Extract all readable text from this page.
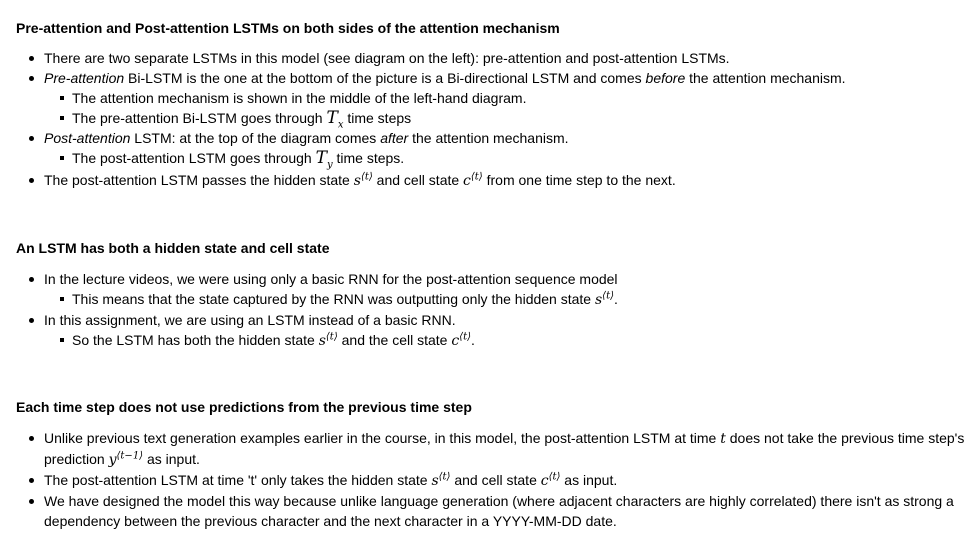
Pre-attention and Post-attention LSTMs on both sides of the attention mechanism
There are two separate LSTMs in this model (see diagram on the left): pre-attention and post-attention LSTMs.
Pre-attention Bi-LSTM is the one at the bottom of the picture is a Bi-directional LSTM and comes before the attention mechanism.
The attention mechanism is shown in the middle of the left-hand diagram.
The pre-attention Bi-LSTM goes through $T_x$ time steps
Post-attention LSTM: at the top of the diagram comes after the attention mechanism.
The post-attention LSTM goes through $T_y$ time steps.
The post-attention LSTM passes the hidden state $s^{⟨t⟩}$ and cell state $c^{⟨t⟩}$ from one time step to the next.
An LSTM has both a hidden state and cell state
In the lecture videos, we were using only a basic RNN for the post-attention sequence model
This means that the state captured by the RNN was outputting only the hidden state $s^{⟨t⟩}$.
In this assignment, we are using an LSTM instead of a basic RNN.
So the LSTM has both the hidden state $s^{⟨t⟩}$ and the cell state $c^{⟨t⟩}$.
Each time step does not use predictions from the previous time step
Unlike previous text generation examples earlier in the course, in this model, the post-attention LSTM at time t does not take the previous time step's prediction $y^{⟨t-1⟩}$ as input.
The post-attention LSTM at time 't' only takes the hidden state $s^{⟨t⟩}$ and cell state $c^{⟨t⟩}$ as input.
We have designed the model this way because unlike language generation (where adjacent characters are highly correlated) there isn't as strong a dependency between the previous character and the next character in a YYYY-MM-DD date.
